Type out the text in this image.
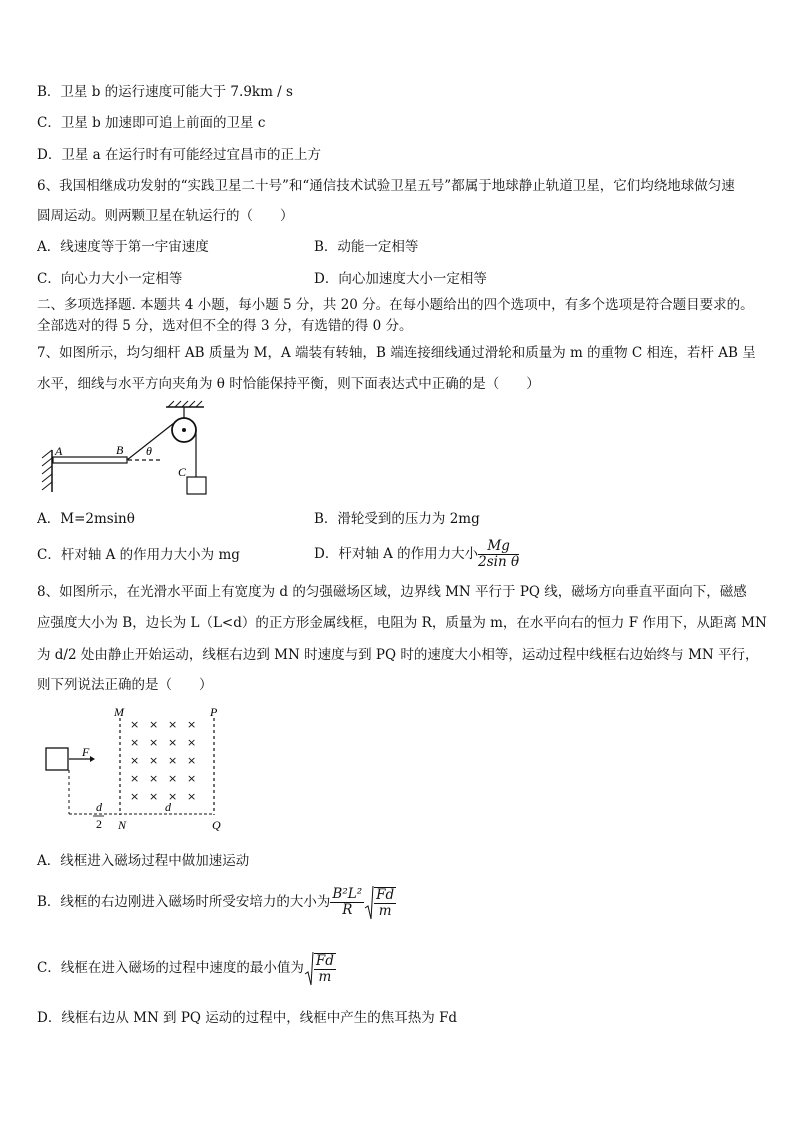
B．卫星 b 的运行速度可能大于 7.9km / s
C．卫星 b 加速即可追上前面的卫星 c
D．卫星 a 在运行时有可能经过宜昌市的正上方
6、我国相继成功发射的“实践卫星二十号”和“通信技术试验卫星五号”都属于地球静止轨道卫星，它们均绕地球做匀速
圆周运动。则两颗卫星在轨运行的（　　）
A．线速度等于第一宇宙速度	B．动能一定相等
C．向心力大小一定相等	D．向心加速度大小一定相等
二、多项选择题. 本题共 4 小题，每小题 5 分，共 20 分。在每小题给出的四个选项中，有多个选项是符合题目要求的。
全部选对的得 5 分，选对但不全的得 3 分，有选错的得 0 分。
7、如图所示，均匀细杆 AB 质量为 M，A 端装有转轴，B 端连接细线通过滑轮和质量为 m 的重物 C 相连，若杆 AB 呈
水平，细线与水平方向夹角为 θ 时恰能保持平衡，则下面表达式中正确的是（　　）
A	B θ
C
A．M=2msinθ	B．滑轮受到的压力为 2mg
C．杆对轴 A 的作用力大小为 mg	D．杆对轴 A 的作用力大小 $\frac{Mg}{\text{2sin θ}}$
8、如图所示，在光滑水平面上有宽度为 d 的匀强磁场区域，边界线 MN 平行于 PQ 线，磁场方向垂直平面向下，磁感
应强度大小为 B，边长为 L（L<d）的正方形金属线框，电阻为 R，质量为 m，在水平向右的恒力 F 作用下，从距离 MN
为 d/2 处由静止开始运动，线框右边到 MN 时速度与到 PQ 时的速度大小相等，运动过程中线框右边始终与 MN 平行，
则下列说法正确的是（　　）
× × × ×
× × × ×
× × × ×
× × × ×
× × × ×
M	P
F
d
2
d
N	Q
A．线框进入磁场过程中做加速运动
B．线框的右边刚进入磁场时所受安培力的大小为 $\frac{\text{B²L²}}{R} \frac{Fd}{m}$
C．线框在进入磁场的过程中速度的最小值为 $\frac{Fd}{m}$
D．线框右边从 MN 到 PQ 运动的过程中，线框中产生的焦耳热为 Fd
